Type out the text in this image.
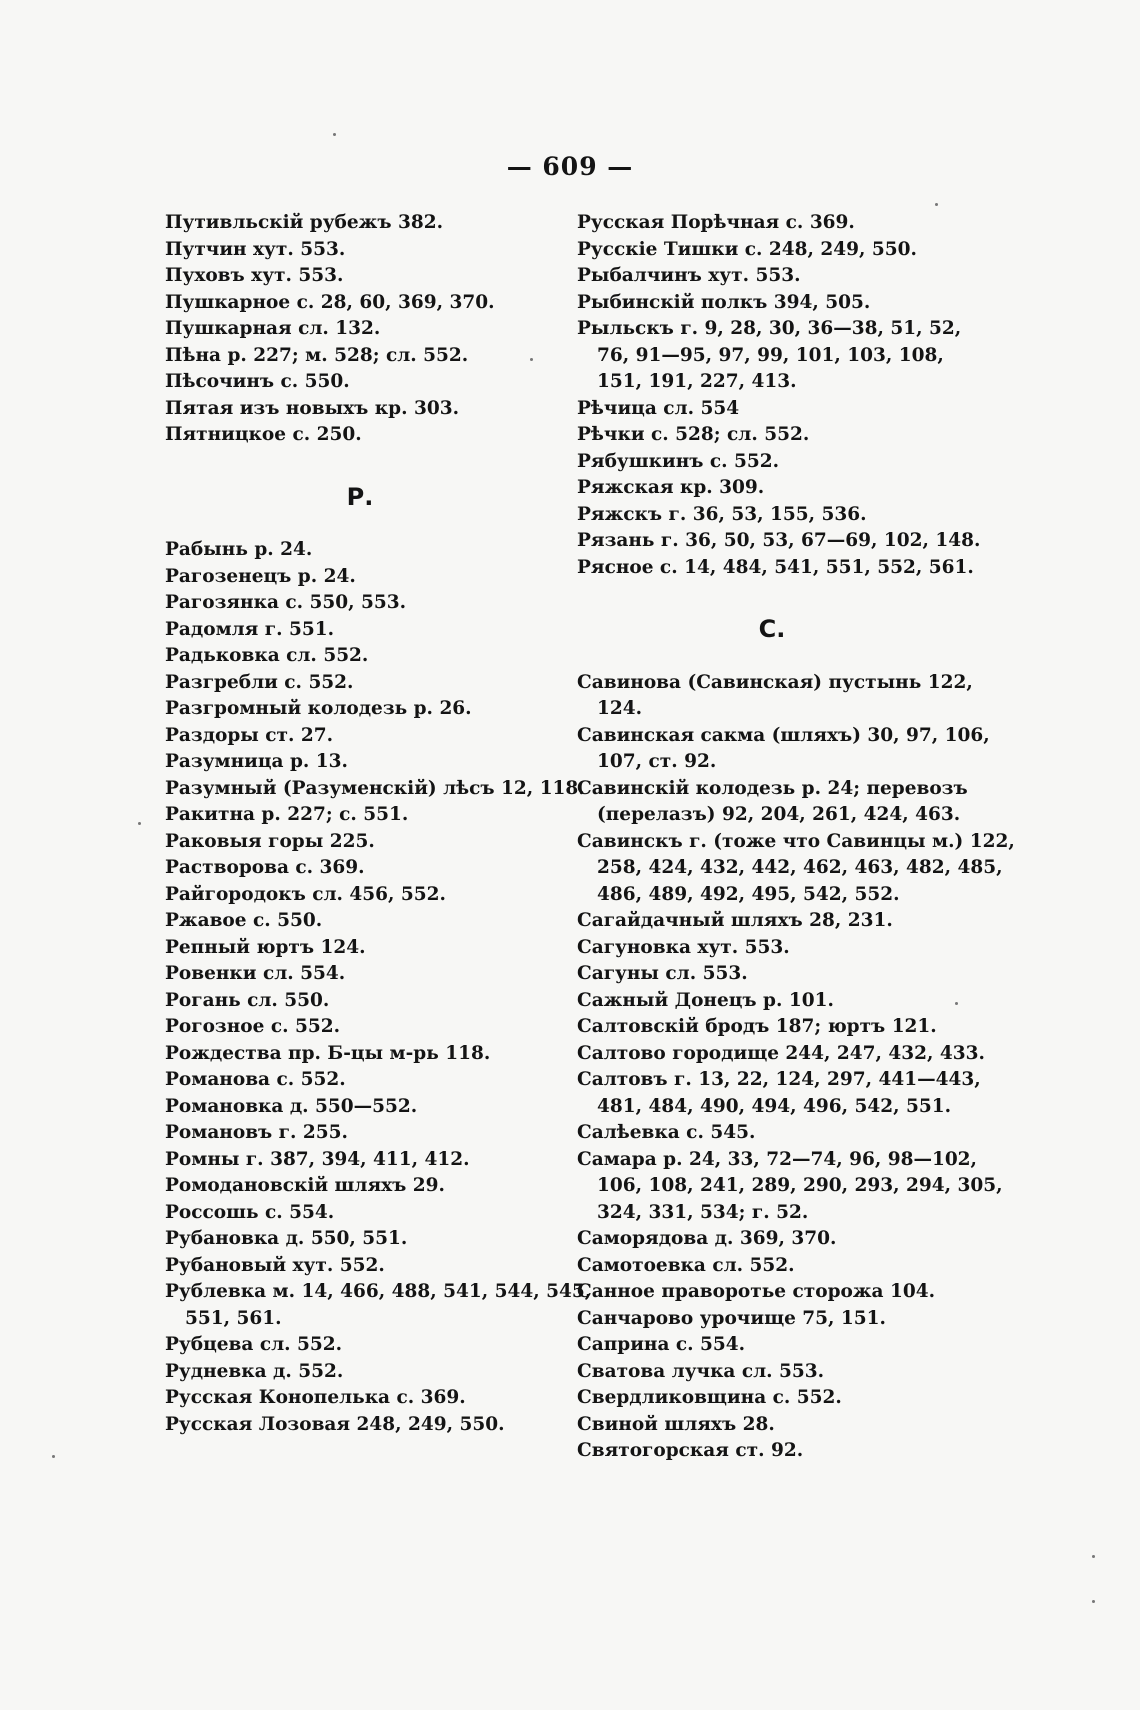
— 609 —
Путивльскій рубежъ 382.
Путчин хут. 553.
Пуховъ хут. 553.
Пушкарное с. 28, 60, 369, 370.
Пушкарная сл. 132.
Пѣна р. 227; м. 528; сл. 552.
Пѣсочинъ с. 550.
Пятая изъ новыхъ кр. 303.
Пятницкое с. 250.
Р.
Рабынь р. 24.
Рагозенецъ р. 24.
Рагозянка с. 550, 553.
Радомля г. 551.
Радьковка сл. 552.
Разгребли с. 552.
Разгромный колодезь р. 26.
Раздоры ст. 27.
Разумница р. 13.
Разумный (Разуменскій) лѣсъ 12, 118.
Ракитна р. 227; с. 551.
Раковыя горы 225.
Растворова с. 369.
Райгородокъ сл. 456, 552.
Ржавое с. 550.
Репный юртъ 124.
Ровенки сл. 554.
Рогань сл. 550.
Рогозное с. 552.
Рождества пр. Б-цы м-рь 118.
Романова с. 552.
Романовка д. 550—552.
Романовъ г. 255.
Ромны г. 387, 394, 411, 412.
Ромодановскій шляхъ 29.
Россошь с. 554.
Рубановка д. 550, 551.
Рубановый хут. 552.
Рублевка м. 14, 466, 488, 541, 544, 545,
551, 561.
Рубцева сл. 552.
Рудневка д. 552.
Русская Конопелька с. 369.
Русская Лозовая 248, 249, 550.
Русская Порѣчная с. 369.
Русскіе Тишки с. 248, 249, 550.
Рыбалчинъ хут. 553.
Рыбинскій полкъ 394, 505.
Рыльскъ г. 9, 28, 30, 36—38, 51, 52,
76, 91—95, 97, 99, 101, 103, 108,
151, 191, 227, 413.
Рѣчица сл. 554
Рѣчки с. 528; сл. 552.
Рябушкинъ с. 552.
Ряжская кр. 309.
Ряжскъ г. 36, 53, 155, 536.
Рязань г. 36, 50, 53, 67—69, 102, 148.
Рясное с. 14, 484, 541, 551, 552, 561.
С.
Савинова (Савинская) пустынь 122,
124.
Савинская сакма (шляхъ) 30, 97, 106,
107, ст. 92.
Савинскій колодезь р. 24; перевозъ
(перелазъ) 92, 204, 261, 424, 463.
Савинскъ г. (тоже что Савинцы м.) 122,
258, 424, 432, 442, 462, 463, 482, 485,
486, 489, 492, 495, 542, 552.
Сагайдачный шляхъ 28, 231.
Сагуновка хут. 553.
Сагуны сл. 553.
Сажный Донецъ р. 101.
Салтовскій бродъ 187; юртъ 121.
Салтово городище 244, 247, 432, 433.
Салтовъ г. 13, 22, 124, 297, 441—443,
481, 484, 490, 494, 496, 542, 551.
Салѣевка с. 545.
Самара р. 24, 33, 72—74, 96, 98—102,
106, 108, 241, 289, 290, 293, 294, 305,
324, 331, 534; г. 52.
Саморядова д. 369, 370.
Самотоевка сл. 552.
Санное праворотье сторожа 104.
Санчарово урочище 75, 151.
Саприна с. 554.
Сватова лучка сл. 553.
Свердликовщина с. 552.
Свиной шляхъ 28.
Святогорская ст. 92.
